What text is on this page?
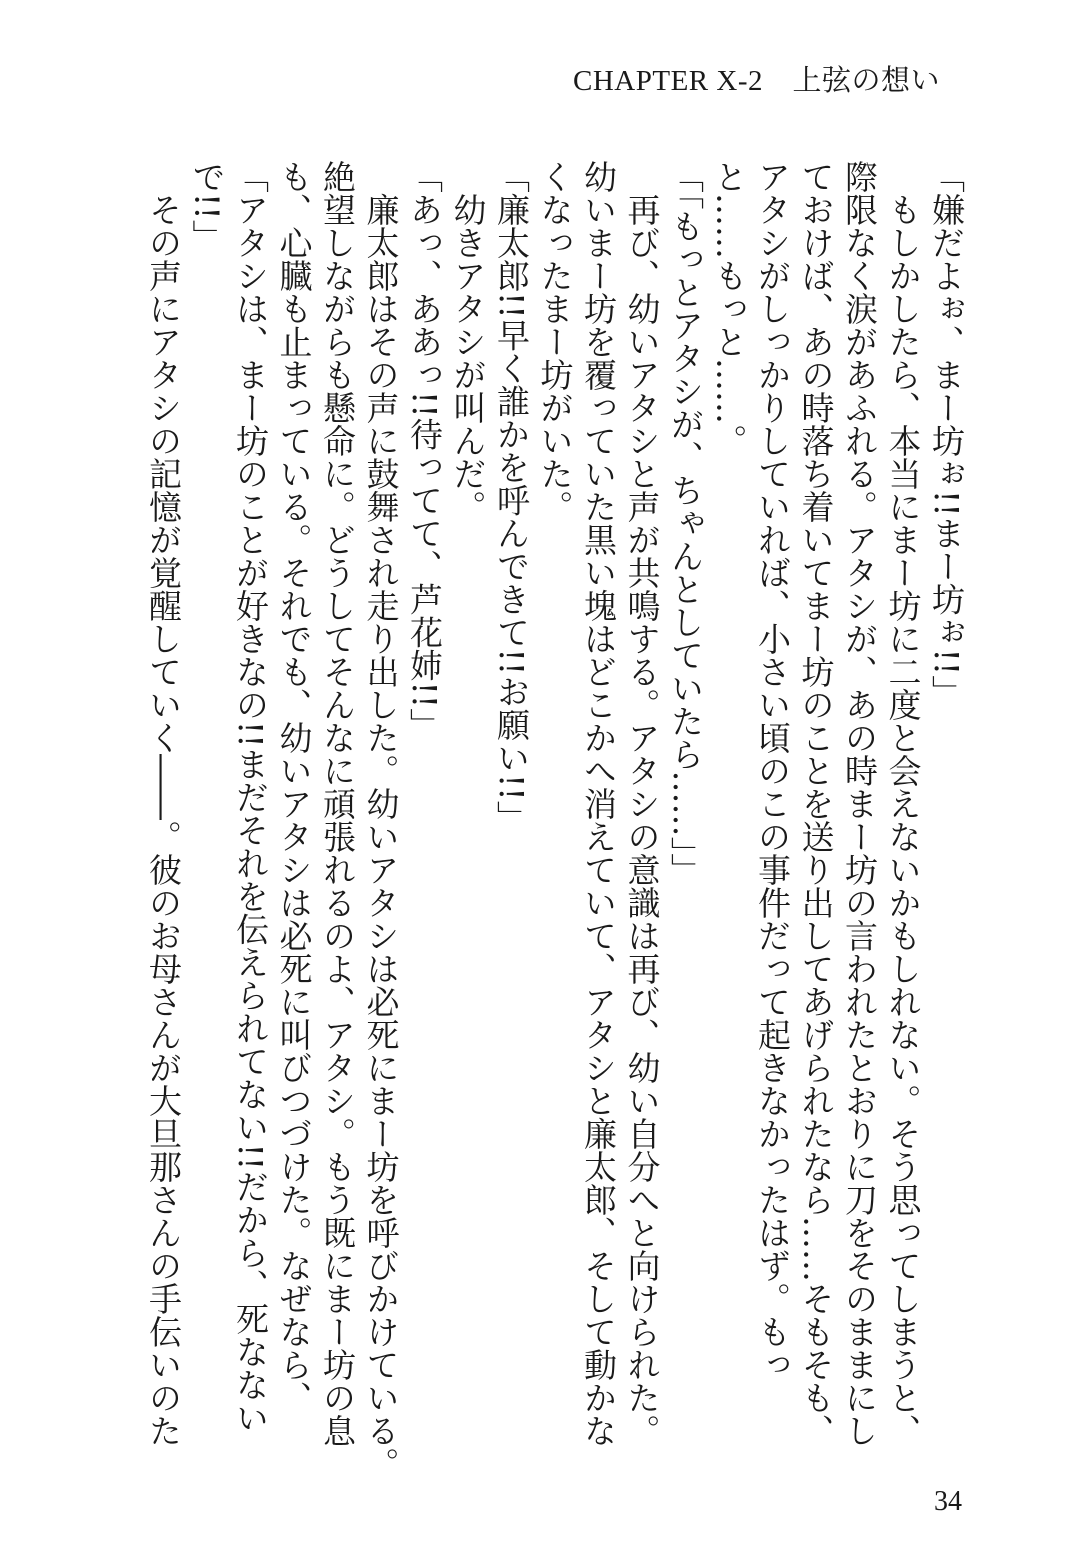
CHAPTER X-2　上弦の想い
「嫌だよぉ、まー坊ぉ!!まー坊ぉ!!」
もしかしたら、本当にまー坊に二度と会えないかもしれない。そう思ってしまうと、
際限なく涙があふれる。アタシが、あの時まー坊の言われたとおりに刀をそのままにし
ておけば、あの時落ち着いてまー坊のことを送り出してあげられたなら……そもそも、
アタシがしっかりしていれば、小さい頃のこの事件だって起きなかったはず。もっ
と……もっと……。
「「もっとアタシが、ちゃんとしていたら……」」
再び、幼いアタシと声が共鳴する。アタシの意識は再び、幼い自分へと向けられた。
幼いまー坊を覆っていた黒い塊はどこかへ消えていて、アタシと廉太郎、そして動かな
くなったまー坊がいた。
「廉太郎!!早く誰かを呼んできて!!お願い!!」
幼きアタシが叫んだ。
「あっ、ああっ!!待ってて、芦花姉!!」
廉太郎はその声に鼓舞され走り出した。幼いアタシは必死にまー坊を呼びかけている。
絶望しながらも懸命に。どうしてそんなに頑張れるのよ、アタシ。もう既にまー坊の息
も、心臓も止まっている。それでも、幼いアタシは必死に叫びつづけた。なぜなら、
「アタシは、まー坊のことが好きなの!!まだそれを伝えられてない!!だから、死なない
で!!」
その声にアタシの記憶が覚醒していく――。彼のお母さんが大旦那さんの手伝いのた
34
